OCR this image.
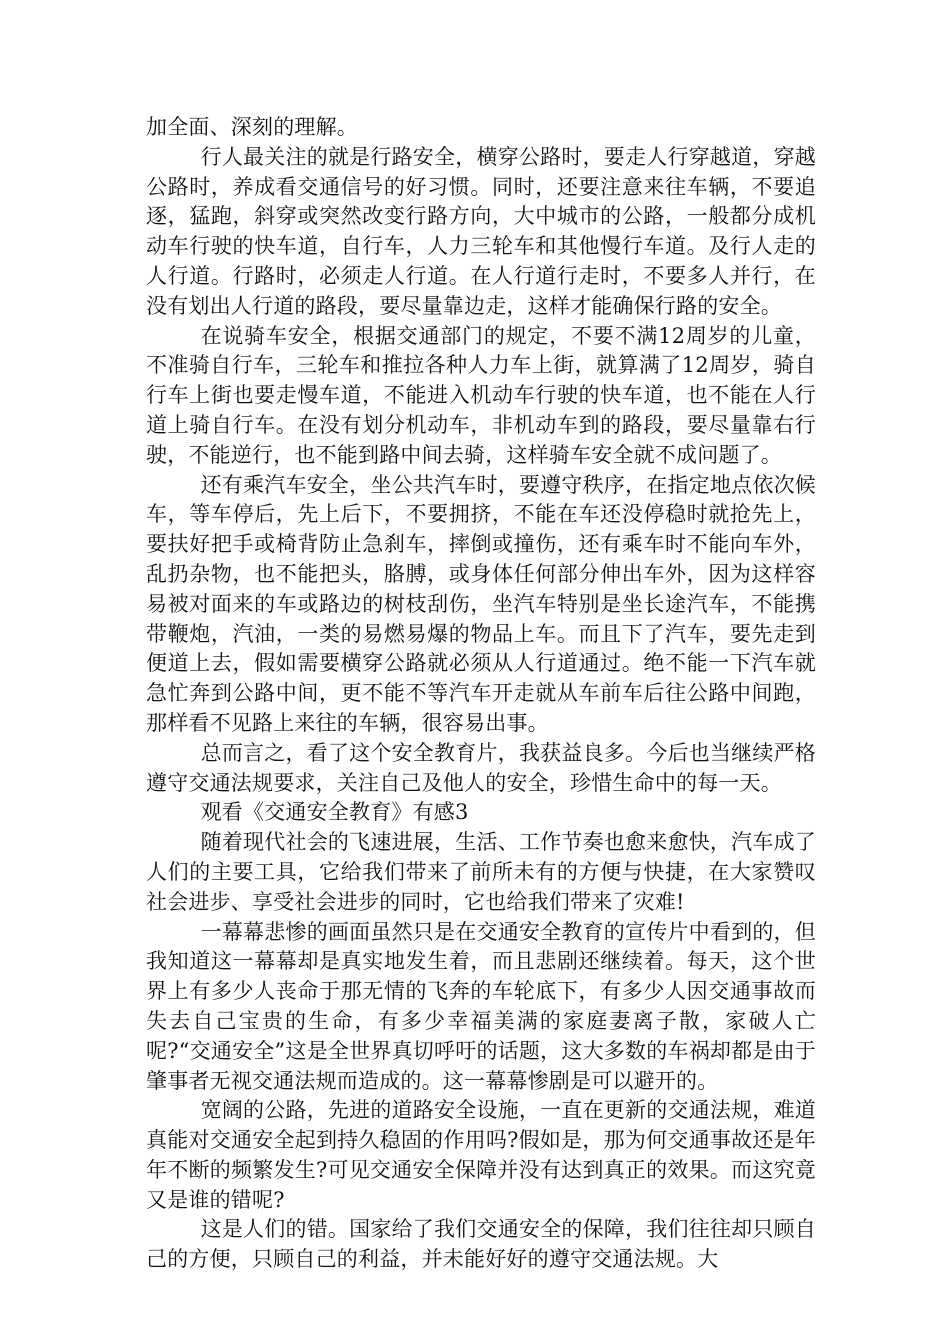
加全面、深刻的理解。

行人最关注的就是行路安全，横穿公路时，要走人行穿越道，穿越公路时，养成看交通信号的好习惯。同时，还要注意来往车辆，不要追逐，猛跑，斜穿或突然改变行路方向，大中城市的公路，一般都分成机动车行驶的快车道，自行车，人力三轮车和其他慢行车道。及行人走的人行道。行路时，必须走人行道。在人行道行走时，不要多人并行，在没有划出人行道的路段，要尽量靠边走，这样才能确保行路的安全。

在说骑车安全，根据交通部门的规定，不要不满12周岁的儿童，不准骑自行车，三轮车和推拉各种人力车上街，就算满了12周岁，骑自行车上街也要走慢车道，不能进入机动车行驶的快车道，也不能在人行道上骑自行车。在没有划分机动车，非机动车到的路段，要尽量靠右行驶，不能逆行，也不能到路中间去骑，这样骑车安全就不成问题了。

还有乘汽车安全，坐公共汽车时，要遵守秩序，在指定地点依次候车，等车停后，先上后下，不要拥挤，不能在车还没停稳时就抢先上，要扶好把手或椅背防止急刹车，摔倒或撞伤，还有乘车时不能向车外，乱扔杂物，也不能把头，胳膊，或身体任何部分伸出车外，因为这样容易被对面来的车或路边的树枝刮伤，坐汽车特别是坐长途汽车，不能携带鞭炮，汽油，一类的易燃易爆的物品上车。而且下了汽车，要先走到便道上去，假如需要横穿公路就必须从人行道通过。绝不能一下汽车就急忙奔到公路中间，更不能不等汽车开走就从车前车后往公路中间跑，那样看不见路上来往的车辆，很容易出事。

总而言之，看了这个安全教育片，我获益良多。今后也当继续严格遵守交通法规要求，关注自己及他人的安全，珍惜生命中的每一天。

观看《交通安全教育》有感3

随着现代社会的飞速进展，生活、工作节奏也愈来愈快，汽车成了人们的主要工具，它给我们带来了前所未有的方便与快捷，在大家赞叹社会进步、享受社会进步的同时，它也给我们带来了灾难!

一幕幕悲惨的画面虽然只是在交通安全教育的宣传片中看到的，但我知道这一幕幕却是真实地发生着，而且悲剧还继续着。每天，这个世界上有多少人丧命于那无情的飞奔的车轮底下，有多少人因交通事故而失去自己宝贵的生命，有多少幸福美满的家庭妻离子散，家破人亡呢?“交通安全”这是全世界真切呼吁的话题，这大多数的车祸却都是由于肇事者无视交通法规而造成的。这一幕幕惨剧是可以避开的。

宽阔的公路，先进的道路安全设施，一直在更新的交通法规，难道真能对交通安全起到持久稳固的作用吗?假如是，那为何交通事故还是年年不断的频繁发生?可见交通安全保障并没有达到真正的效果。而这究竟又是谁的错呢?

这是人们的错。国家给了我们交通安全的保障，我们往往却只顾自己的方便，只顾自己的利益，并未能好好的遵守交通法规。大
